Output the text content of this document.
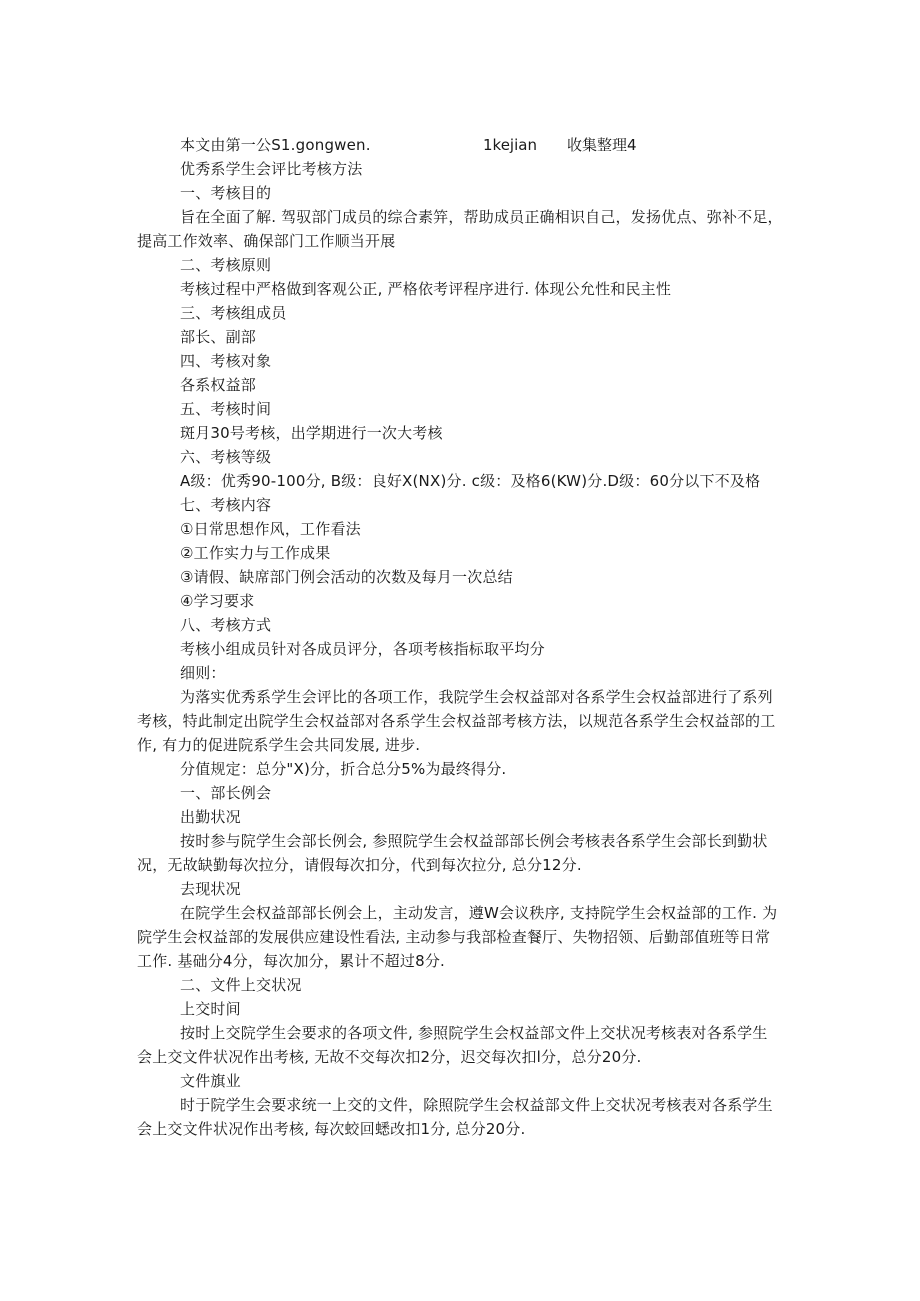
本文由第一公S1.gongwen.	1kejian 收集整理4
优秀系学生会评比考核方法
一、考核目的
旨在全面了解. 驾驭部门成员的综合素笄，帮助成员正确相识自己，发扬优点、弥补不足，
提高工作效率、确保部门工作顺当开展
二、考核原则
考核过程中严格做到客观公正, 严格依考评程序进行. 体现公允性和民主性
三、考核组成员
部长、副部
四、考核对象
各系权益部
五、考核时间
斑月30号考核，出学期进行一次大考核
六、考核等级
A级：优秀90-100分, B级：良好X(NX)分. c级：及格6(KW)分.D级：60分以下不及格
七、考核内容
①日常思想作风，工作看法
②工作实力与工作成果
③请假、缺席部门例会活动的次数及每月一次总结
④学习要求
八、考核方式
考核小组成员针对各成员评分，各项考核指标取平均分
细则：
为落实优秀系学生会评比的各项工作，我院学生会权益部对各系学生会权益部进行了系列
考核，特此制定出院学生会权益部对各系学生会权益部考核方法，以规范各系学生会权益部的工
作, 有力的促进院系学生会共同发展, 进步.
分值规定：总分"X)分，折合总分5%为最终得分.
一、部长例会
出勤状况
按时参与院学生会部长例会, 参照院学生会权益部部长例会考核表各系学生会部长到勤状
况，无故缺勤每次拉分，请假每次扣分，代到每次拉分, 总分12分.
去现状况
在院学生会权益部部长例会上，主动发言，遵W会议秩序, 支持院学生会权益部的工作. 为
院学生会权益部的发展供应建设性看法, 主动参与我部检查餐厅、失物招领、后勤部值班等日常
工作. 基础分4分，每次加分，累计不超过8分.
二、文件上交状况
上交时间
按时上交院学生会要求的各项文件, 参照院学生会权益部文件上交状况考核表对各系学生
会上交文件状况作出考核, 无故不交每次扣2分，迟交每次扣l分，总分20分.
文件旗业
时于院学生会要求统一上交的文件，除照院学生会权益部文件上交状况考核表对各系学生
会上交文件状况作出考核, 每次蛟回蟋改扣1分, 总分20分.
